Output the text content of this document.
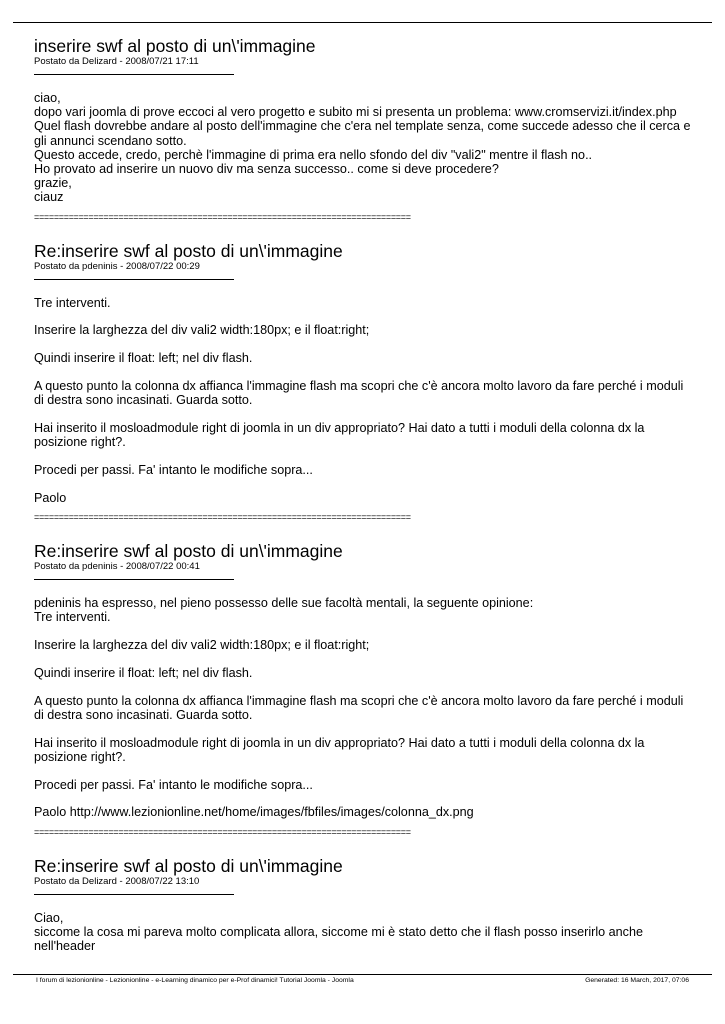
inserire swf al posto di un\'immagine
Postato da Delizard - 2008/07/21 17:11

ciao,
dopo vari joomla di prove eccoci al vero progetto e subito mi si presenta un problema: www.cromservizi.it/index.php
Quel flash dovrebbe andare al posto dell'immagine che c'era nel template senza, come succede adesso che il cerca e gli annunci scendano sotto.
Questo accede, credo, perchè l'immagine di prima era nello sfondo del div "vali2" mentre il flash no..
Ho provato ad inserire un nuovo div ma senza successo.. come si deve procedere?
grazie,
ciauz

============================================================================
Re:inserire swf al posto di un\'immagine
Postato da pdeninis - 2008/07/22 00:29

Tre interventi.

Inserire la larghezza del div vali2 width:180px; e il float:right;

Quindi inserire il float: left; nel div flash.

A questo punto la colonna dx affianca l'immagine flash ma scopri che c'è ancora molto lavoro da fare perché i moduli di destra sono incasinati. Guarda sotto.

Hai inserito il mosloadmodule right di joomla in un div appropriato? Hai dato a tutti i moduli della colonna dx la posizione right?.

Procedi per passi. Fa' intanto le modifiche sopra...

Paolo

============================================================================
Re:inserire swf al posto di un\'immagine
Postato da pdeninis - 2008/07/22 00:41

pdeninis ha espresso, nel pieno possesso delle sue facoltà mentali, la seguente opinione:
Tre interventi.

Inserire la larghezza del div vali2 width:180px; e il float:right;

Quindi inserire il float: left; nel div flash.

A questo punto la colonna dx affianca l'immagine flash ma scopri che c'è ancora molto lavoro da fare perché i moduli di destra sono incasinati. Guarda sotto.

Hai inserito il mosloadmodule right di joomla in un div appropriato? Hai dato a tutti i moduli della colonna dx la posizione right?.

Procedi per passi. Fa' intanto le modifiche sopra...

Paolo http://www.lezionionline.net/home/images/fbfiles/images/colonna_dx.png

============================================================================
Re:inserire swf al posto di un\'immagine
Postato da Delizard - 2008/07/22 13:10

Ciao,
siccome la cosa mi pareva molto complicata allora, siccome mi è stato detto che il flash posso inserirlo anche nell'header

I forum di lezionionline - Lezionionline - e-Learning dinamico per e-Prof dinamici! Tutorial Joomla - Joomla	Generated: 16 March, 2017, 07:06
